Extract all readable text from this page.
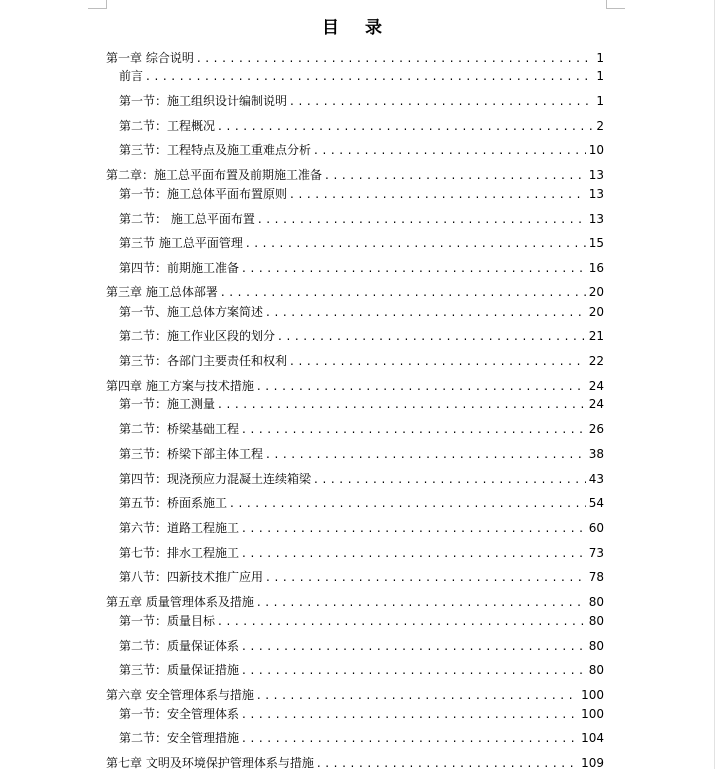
目 录
第一章 综合说明 . . .	1
前言 . . .	1
第一节：施工组织设计编制说明 . . .	1
第二节：工程概况 . . .	2
第三节：工程特点及施工重难点分析 . . .	10
第二章：施工总平面布置及前期施工准备 . . .	13
第一节：施工总体平面布置原则 . . .	13
第二节： 施工总平面布置 . . .	13
第三节 施工总平面管理 . . .	15
第四节：前期施工准备 . . .	16
第三章 施工总体部署 . . .	20
第一节、施工总体方案简述 . . .	20
第二节：施工作业区段的划分 . . .	21
第三节：各部门主要责任和权利 . . .	22
第四章 施工方案与技术措施 . . .	24
第一节：施工测量 . . .	24
第二节：桥梁基础工程 . . .	26
第三节：桥梁下部主体工程 . . .	38
第四节：现浇预应力混凝土连续箱梁 . . .	43
第五节：桥面系施工 . . .	54
第六节：道路工程施工 . . .	60
第七节：排水工程施工 . . .	73
第八节：四新技术推广应用 . . .	78
第五章 质量管理体系及措施 . . .	80
第一节：质量目标 . . .	80
第二节：质量保证体系 . . .	80
第三节：质量保证措施 . . .	80
第六章 安全管理体系与措施 . . .	100
第一节：安全管理体系 . . .	100
第二节：安全管理措施 . . .	104
第七章 文明及环境保护管理体系与措施 . . .	109
